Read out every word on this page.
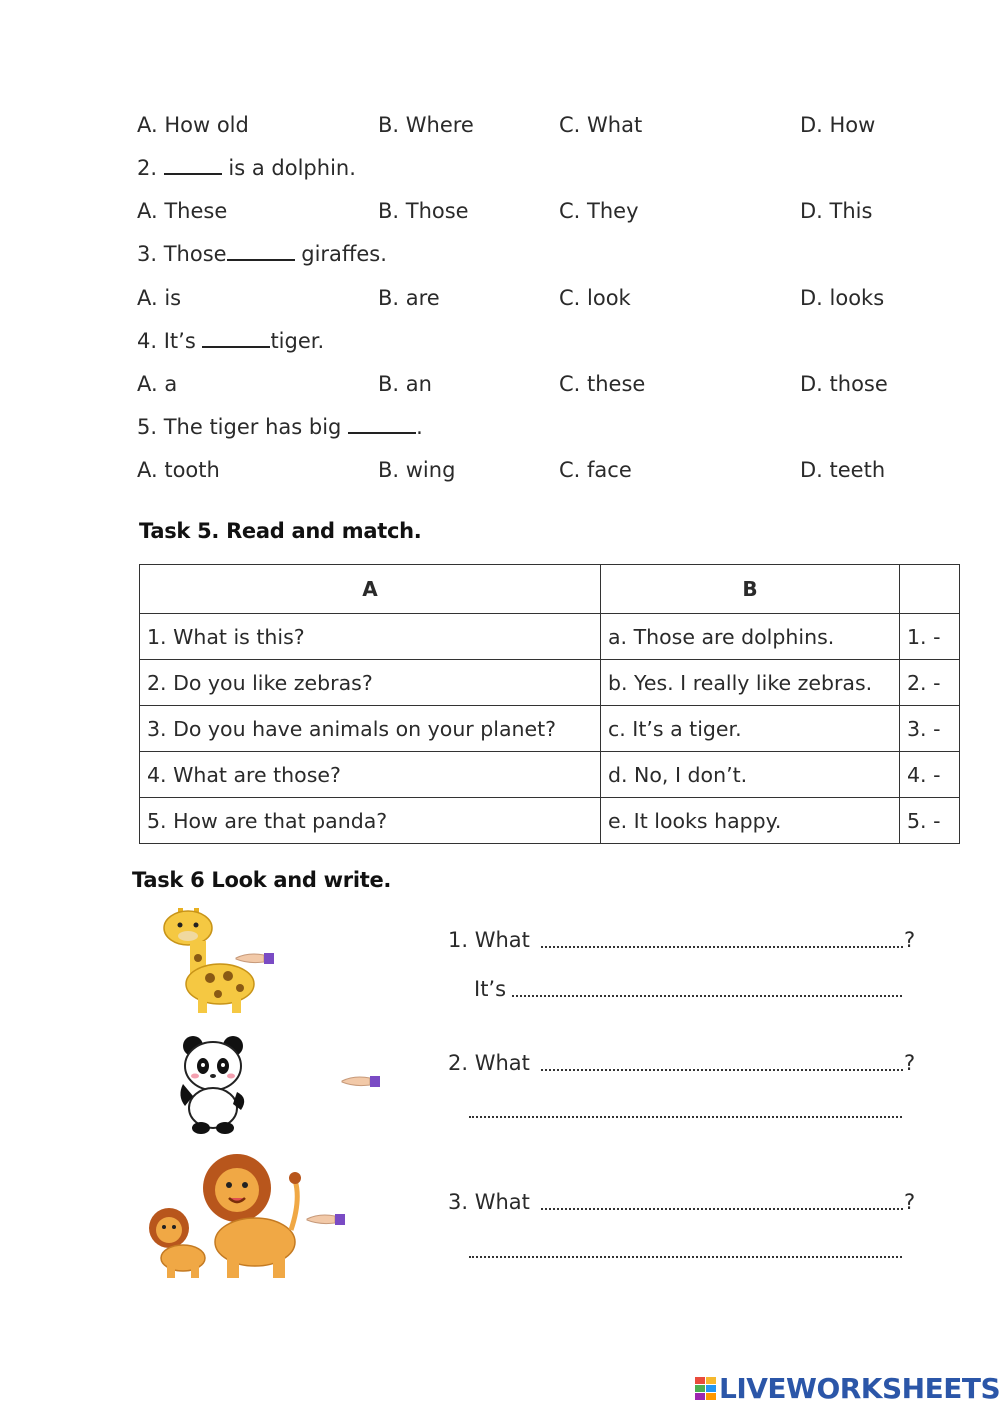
A. How old	B. Where	C. What	D. How
2.	is a dolphin.
A. These	B. Those	C. They	D. This
3. Those	giraffes.
A. is	B. are	C. look	D. looks
4. It’s	tiger.
A. a	B. an	C. these	D. those
5. The tiger has big	.
A. tooth	B. wing	C. face	D. teeth
Task 5. Read and match.
A	B	
1. What is this?	a. Those are dolphins.	1. -
2. Do you like zebras?	b. Yes. I really like zebras.	2. -
3. Do you have animals on your planet?	c. It’s a tiger.	3. -
4. What are those?	d. No, I don’t.	4. -
5. How are that panda?	e. It looks happy.	5. -
Task 6 Look and write.
1. What	?
It’s
2. What	?
3. What	?
LIVEWORKSHEETS
